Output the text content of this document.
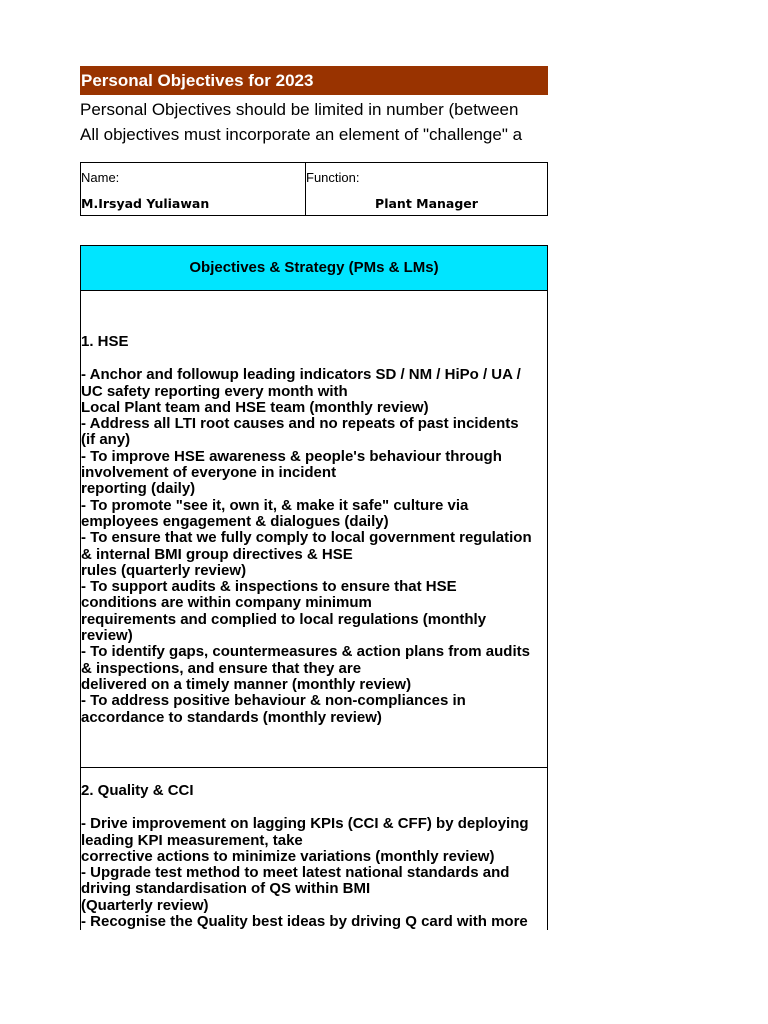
Personal Objectives for 2023
Personal Objectives should be limited in number (between
All objectives must incorporate an element of "challenge" a
Name:
M.Irsyad Yuliawan
Function:
Plant Manager
Objectives & Strategy (PMs & LMs)
1. HSE
- Anchor and followup leading indicators SD / NM / HiPo / UA /
UC safety reporting every month with
Local Plant team and HSE team (monthly review)
- Address all LTI root causes and no repeats of past incidents
(if any)
- To improve HSE awareness & people's behaviour through
involvement of everyone in incident
reporting (daily)
- To promote "see it, own it, & make it safe" culture via
employees engagement & dialogues (daily)
- To ensure that we fully comply to local government regulation
& internal BMI group directives & HSE
rules (quarterly review)
- To support audits & inspections to ensure that HSE
conditions are within company minimum
requirements and complied to local regulations (monthly
review)
- To identify gaps, countermeasures & action plans from audits
& inspections, and ensure that they are
delivered on a timely manner (monthly review)
- To address positive behaviour & non-compliances in
accordance to standards (monthly review)
2. Quality & CCI
- Drive improvement on lagging KPIs (CCI & CFF) by deploying
leading KPI measurement, take
corrective actions to minimize variations (monthly review)
- Upgrade test method to meet latest national standards and
driving standardisation of QS within BMI
(Quarterly review)
- Recognise the Quality best ideas by driving Q card with more
